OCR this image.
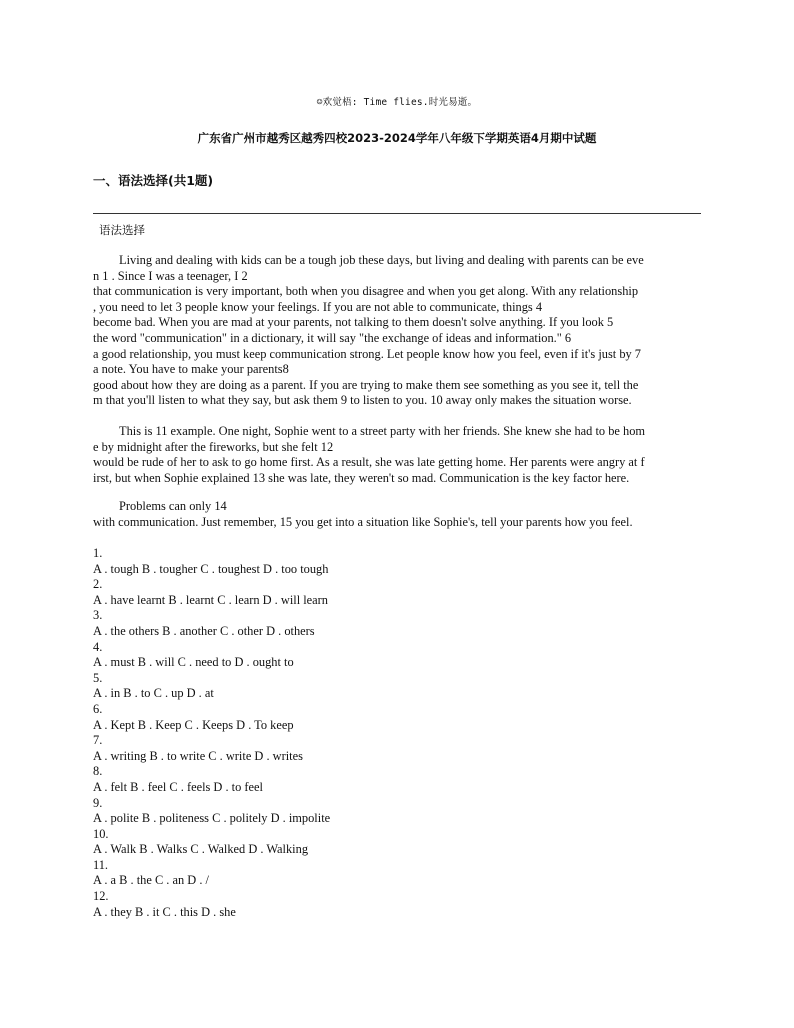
☺欢觉梧: Time flies.时光易逝。
广东省广州市越秀区越秀四校2023-2024学年八年级下学期英语4月期中试题
一、语法选择(共1题)
语法选择
Living and dealing with kids can be a tough job these days, but living and dealing with parents can be eve
n 1 . Since I was a teenager, I 2
that communication is very important, both when you disagree and when you get along. With any relationship
, you need to let 3 people know your feelings. If you are not able to communicate, things 4
become bad. When you are mad at your parents, not talking to them doesn't solve anything. If you look 5
the word "communication" in a dictionary, it will say "the exchange of ideas and information." 6
a good relationship, you must keep communication strong. Let people know how you feel, even if it's just by 7
a note. You have to make your parents8
good about how they are doing as a parent. If you are trying to make them see something as you see it, tell the
m that you'll listen to what they say, but ask them 9 to listen to you. 10 away only makes the situation worse.
This is 11 example. One night, Sophie went to a street party with her friends. She knew she had to be hom
e by midnight after the fireworks, but she felt 12
would be rude of her to ask to go home first. As a result, she was late getting home. Her parents were angry at f
irst, but when Sophie explained 13 she was late, they weren't so mad. Communication is the key factor here.
Problems can only 14
with communication. Just remember, 15 you get into a situation like Sophie's, tell your parents how you feel.
1.
A . tough B . tougher C . toughest D . too tough
2.
A . have learnt B . learnt C . learn D . will learn
3.
A . the others B . another C . other D . others
4.
A . must B . will C . need to D . ought to
5.
A . in B . to C . up D . at
6.
A . Kept B . Keep C . Keeps D . To keep
7.
A . writing B . to write C . write D . writes
8.
A . felt B . feel C . feels D . to feel
9.
A . polite B . politeness C . politely D . impolite
10.
A . Walk B . Walks C . Walked D . Walking
11.
A . a B . the C . an D . /
12.
A . they B . it C . this D . she
